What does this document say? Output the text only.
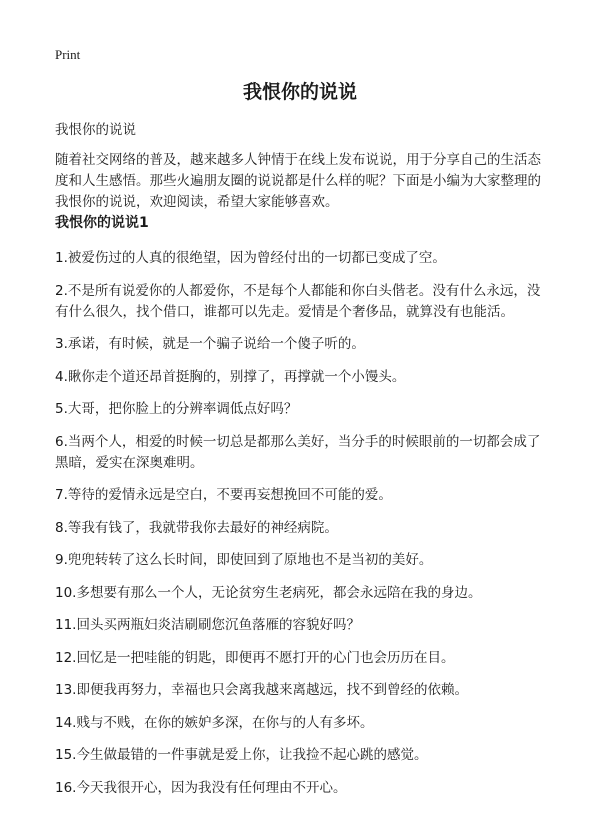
Print
我恨你的说说

我恨你的说说

随着社交网络的普及，越来越多人钟情于在线上发布说说，用于分享自己的生活态度和人生感悟。那些火遍朋友圈的说说都是什么样的呢？下面是小编为大家整理的我恨你的说说，欢迎阅读，希望大家能够喜欢。

我恨你的说说1
1.被爱伤过的人真的很绝望，因为曾经付出的一切都已变成了空。
2.不是所有说爱你的人都爱你，不是每个人都能和你白头偕老。没有什么永远，没有什么很久，找个借口，谁都可以先走。爱情是个奢侈品，就算没有也能活。
3.承诺，有时候，就是一个骗子说给一个傻子听的。
4.瞅你走个道还昂首挺胸的，别撑了，再撑就一个小馒头。
5.大哥，把你脸上的分辨率调低点好吗？
6.当两个人，相爱的时候一切总是都那么美好，当分手的时候眼前的一切都会成了黑暗，爱实在深奥难明。
7.等待的爱情永远是空白，不要再妄想挽回不可能的爱。
8.等我有钱了，我就带我你去最好的神经病院。
9.兜兜转转了这么长时间，即使回到了原地也不是当初的美好。
10.多想要有那么一个人，无论贫穷生老病死，都会永远陪在我的身边。
11.回头买两瓶妇炎洁刷刷您沉鱼落雁的容貌好吗？
12.回忆是一把哇能的钥匙，即便再不愿打开的心门也会历历在目。
13.即便我再努力，幸福也只会离我越来离越远，找不到曾经的依赖。
14.贱与不贱，在你的嫉妒多深，在你与的人有多坏。
15.今生做最错的一件事就是爱上你，让我捡不起心跳的感觉。
16.今天我很开心，因为我没有任何理由不开心。
